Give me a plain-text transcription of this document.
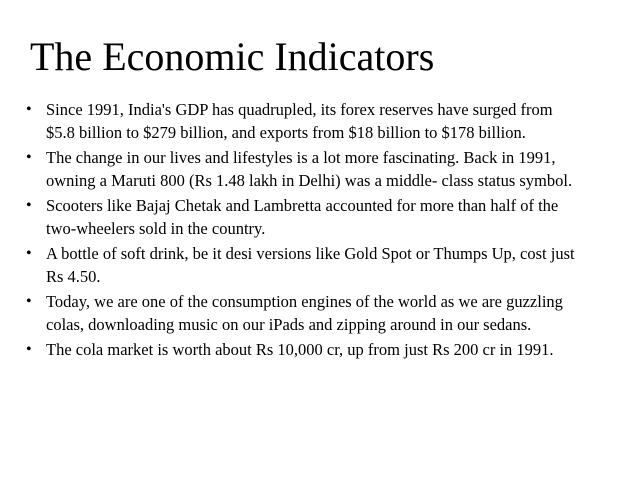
The Economic Indicators
• Since 1991, India's GDP has quadrupled, its forex reserves have surged from $5.8 billion to $279 billion, and exports from $18 billion to $178 billion.
• The change in our lives and lifestyles is a lot more fascinating. Back in 1991, owning a Maruti 800 (Rs 1.48 lakh in Delhi) was a middle- class status symbol.
• Scooters like Bajaj Chetak and Lambretta accounted for more than half of the two-wheelers sold in the country.
• A bottle of soft drink, be it desi versions like Gold Spot or Thumps Up, cost just Rs 4.50.
• Today, we are one of the consumption engines of the world as we are guzzling colas, downloading music on our iPads and zipping around in our sedans.
• The cola market is worth about Rs 10,000 cr, up from just Rs 200 cr in 1991.
